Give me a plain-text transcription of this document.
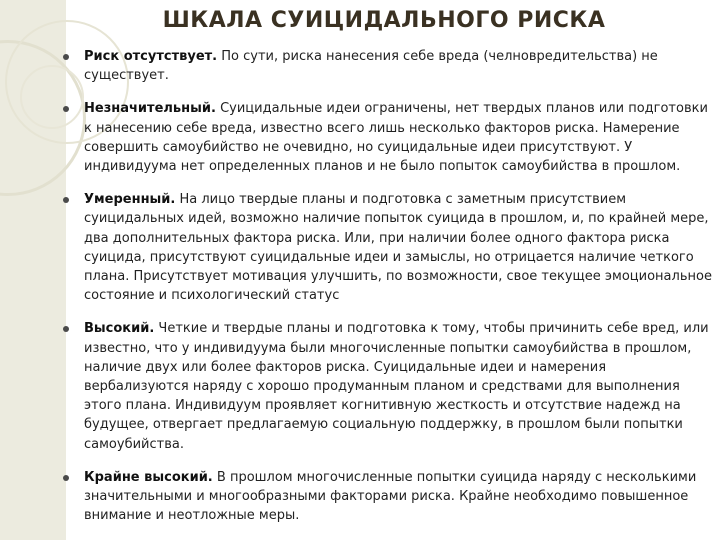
ШКАЛА СУИЦИДАЛЬНОГО РИСКА
Риск отсутствует. По сути, риска нанесения себе вреда (челновредительства) не существует.
Незначительный. Суицидальные идеи ограничены, нет твердых планов или подготовки к нанесению себе вреда, известно всего лишь несколько факторов риска. Намерение совершить самоубийство не очевидно, но суицидальные идеи присутствуют. У индивидуума нет определенных планов и не было попыток самоубийства в прошлом.
Умеренный. На лицо твердые планы и подготовка с заметным присутствием суицидальных идей, возможно наличие попыток суицида в прошлом, и, по крайней мере, два дополнительных фактора риска. Или, при наличии более одного фактора риска суицида, присутствуют суицидальные идеи и замыслы, но отрицается наличие четкого плана. Присутствует мотивация улучшить, по возможности, свое текущее эмоциональное состояние и психологический статус
Высокий. Четкие и твердые планы и подготовка к тому, чтобы причинить себе вред, или известно, что у индивидуума были многочисленные попытки самоубийства в прошлом, наличие двух или более факторов риска. Суицидальные идеи и намерения вербализуются наряду с хорошо продуманным планом и средствами для выполнения этого плана. Индивидуум проявляет когнитивную жесткость и отсутствие надежд на будущее, отвергает предлагаемую социальную поддержку, в прошлом были попытки самоубийства.
Крайне высокий. В прошлом многочисленные попытки суицида наряду с несколькими значительными и многообразными факторами риска. Крайне необходимо повышенное внимание и неотложные меры.
